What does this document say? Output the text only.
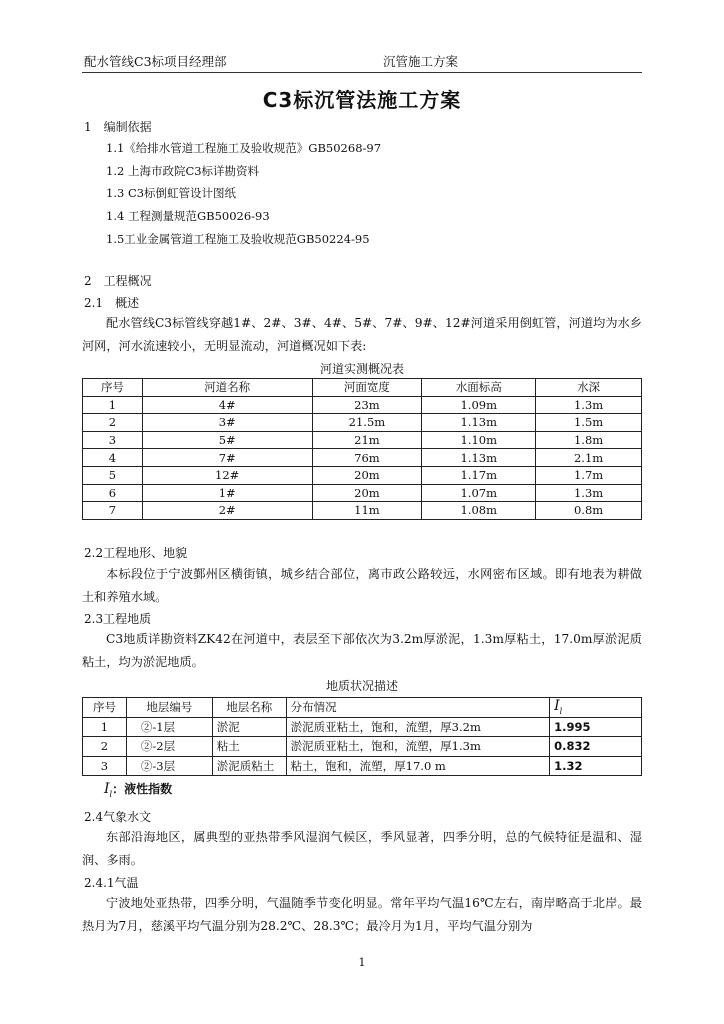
配水管线C3标项目经理部	沉管施工方案
C3标沉管法施工方案
1　编制依据
1.1《给排水管道工程施工及验收规范》GB50268-97
1.2 上海市政院C3标详勘资料
1.3 C3标倒虹管设计图纸
1.4 工程测量规范GB50026-93
1.5工业金属管道工程施工及验收规范GB50224-95
2　工程概况
2.1　概述
配水管线C3标管线穿越1#、2#、3#、4#、5#、7#、9#、12#河道采用倒虹管，河道均为水乡河网，河水流速较小，无明显流动，河道概况如下表:
河道实测概况表
序号	河道名称	河面宽度	水面标高	水深
1	4#	23m	1.09m	1.3m
2	3#	21.5m	1.13m	1.5m
3	5#	21m	1.10m	1.8m
4	7#	76m	1.13m	2.1m
5	12#	20m	1.17m	1.7m
6	1#	20m	1.07m	1.3m
7	2#	11m	1.08m	0.8m
2.2工程地形、地貌
本标段位于宁波鄞州区横街镇，城乡结合部位，离市政公路较远，水网密布区域。即有地表为耕做土和养殖水域。
2.3工程地质
C3地质详勘资料ZK42在河道中，表层至下部依次为3.2m厚淤泥，1.3m厚粘土，17.0m厚淤泥质粘土，均为淤泥地质。
地质状况描述
序号	地层编号	地层名称	分布情况	$I_l$
1	②-1层	淤泥	淤泥质亚粘土，饱和，流塑，厚3.2m	1.995
2	②-2层	粘土	淤泥质亚粘土，饱和，流塑，厚1.3m	0.832
3	②-3层	淤泥质粘土	粘土，饱和，流塑，厚17.0 m	1.32
$I_l$：液性指数
2.4气象水文
东部沿海地区，属典型的亚热带季风湿润气候区，季风显著，四季分明，总的气候特征是温和、湿润、多雨。
2.4.1气温
宁波地处亚热带，四季分明，气温随季节变化明显。常年平均气温16℃左右，南岸略高于北岸。最热月为7月，慈溪平均气温分别为28.2℃、28.3℃；最冷月为1月，平均气温分别为
1
